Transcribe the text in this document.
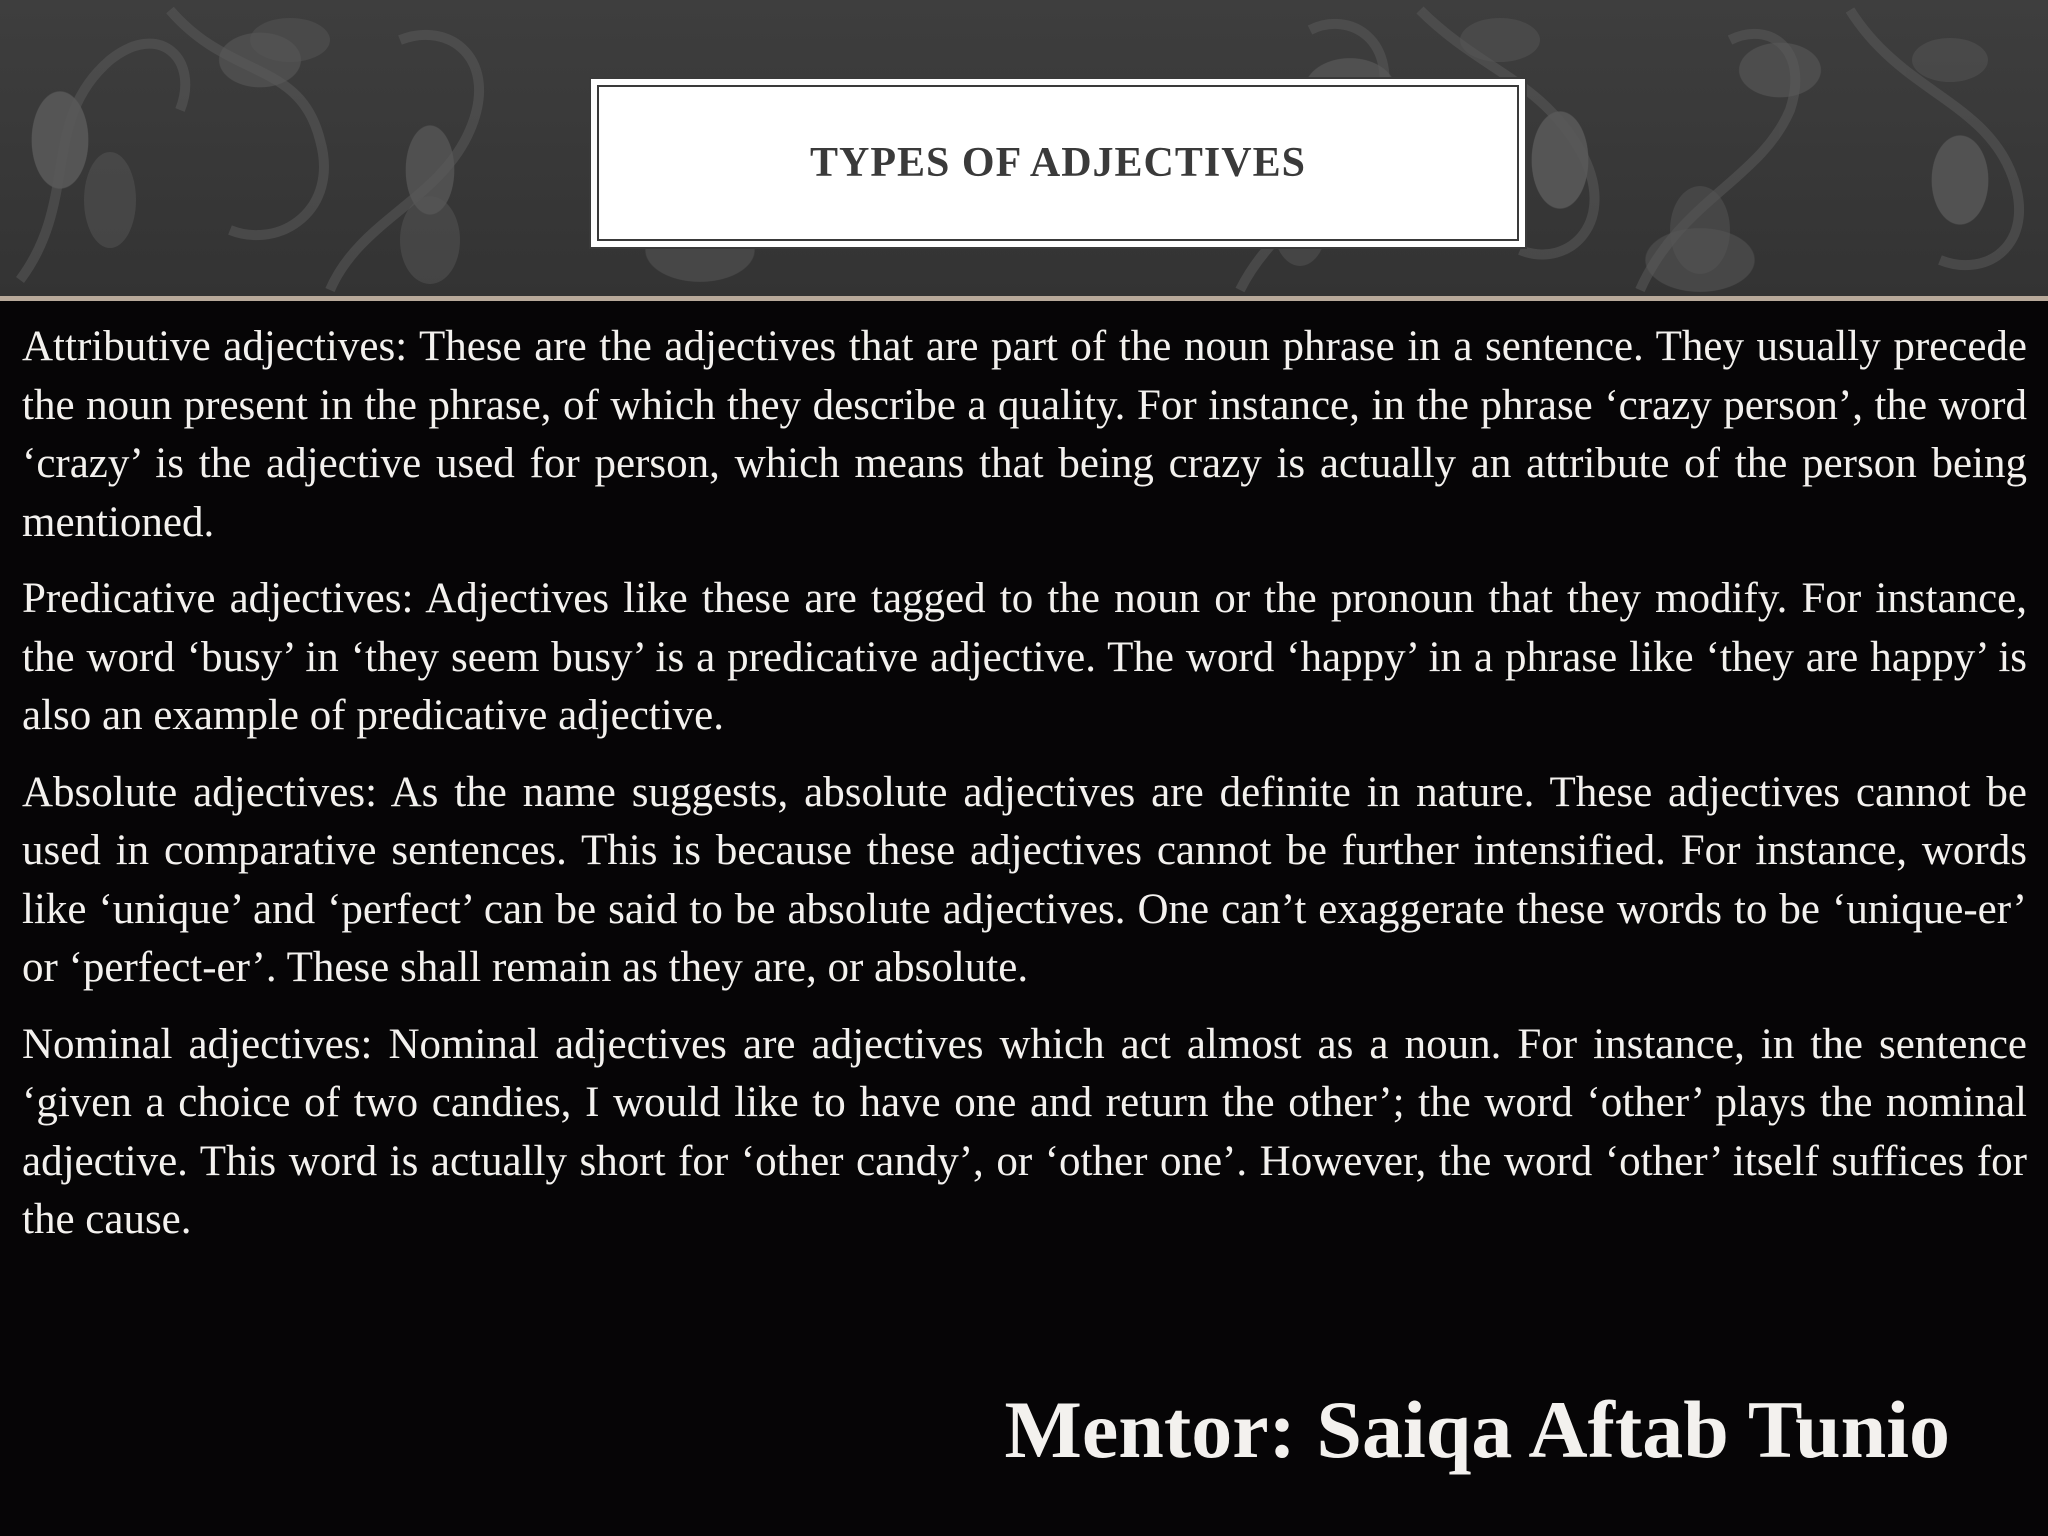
TYPES OF ADJECTIVES

Attributive adjectives: These are the adjectives that are part of the noun phrase in a sentence. They usually precede the noun present in the phrase, of which they describe a quality. For instance, in the phrase ‘crazy person’, the word ‘crazy’ is the adjective used for person, which means that being crazy is actually an attribute of the person being mentioned.

Predicative adjectives: Adjectives like these are tagged to the noun or the pronoun that they modify. For instance, the word ‘busy’ in ‘they seem busy’ is a predicative adjective. The word ‘happy’ in a phrase like ‘they are happy’ is also an example of predicative adjective.

Absolute adjectives: As the name suggests, absolute adjectives are definite in nature. These adjectives cannot be used in comparative sentences. This is because these adjectives cannot be further intensified. For instance, words like ‘unique’ and ‘perfect’ can be said to be absolute adjectives. One can’t exaggerate these words to be ‘unique-er’ or ‘perfect-er’. These shall remain as they are, or absolute.

Nominal adjectives: Nominal adjectives are adjectives which act almost as a noun. For instance, in the sentence ‘given a choice of two candies, I would like to have one and return the other’; the word ‘other’ plays the nominal adjective. This word is actually short for ‘other candy’, or ‘other one’. However, the word ‘other’ itself suffices for the cause.

Mentor: Saiqa Aftab Tunio
